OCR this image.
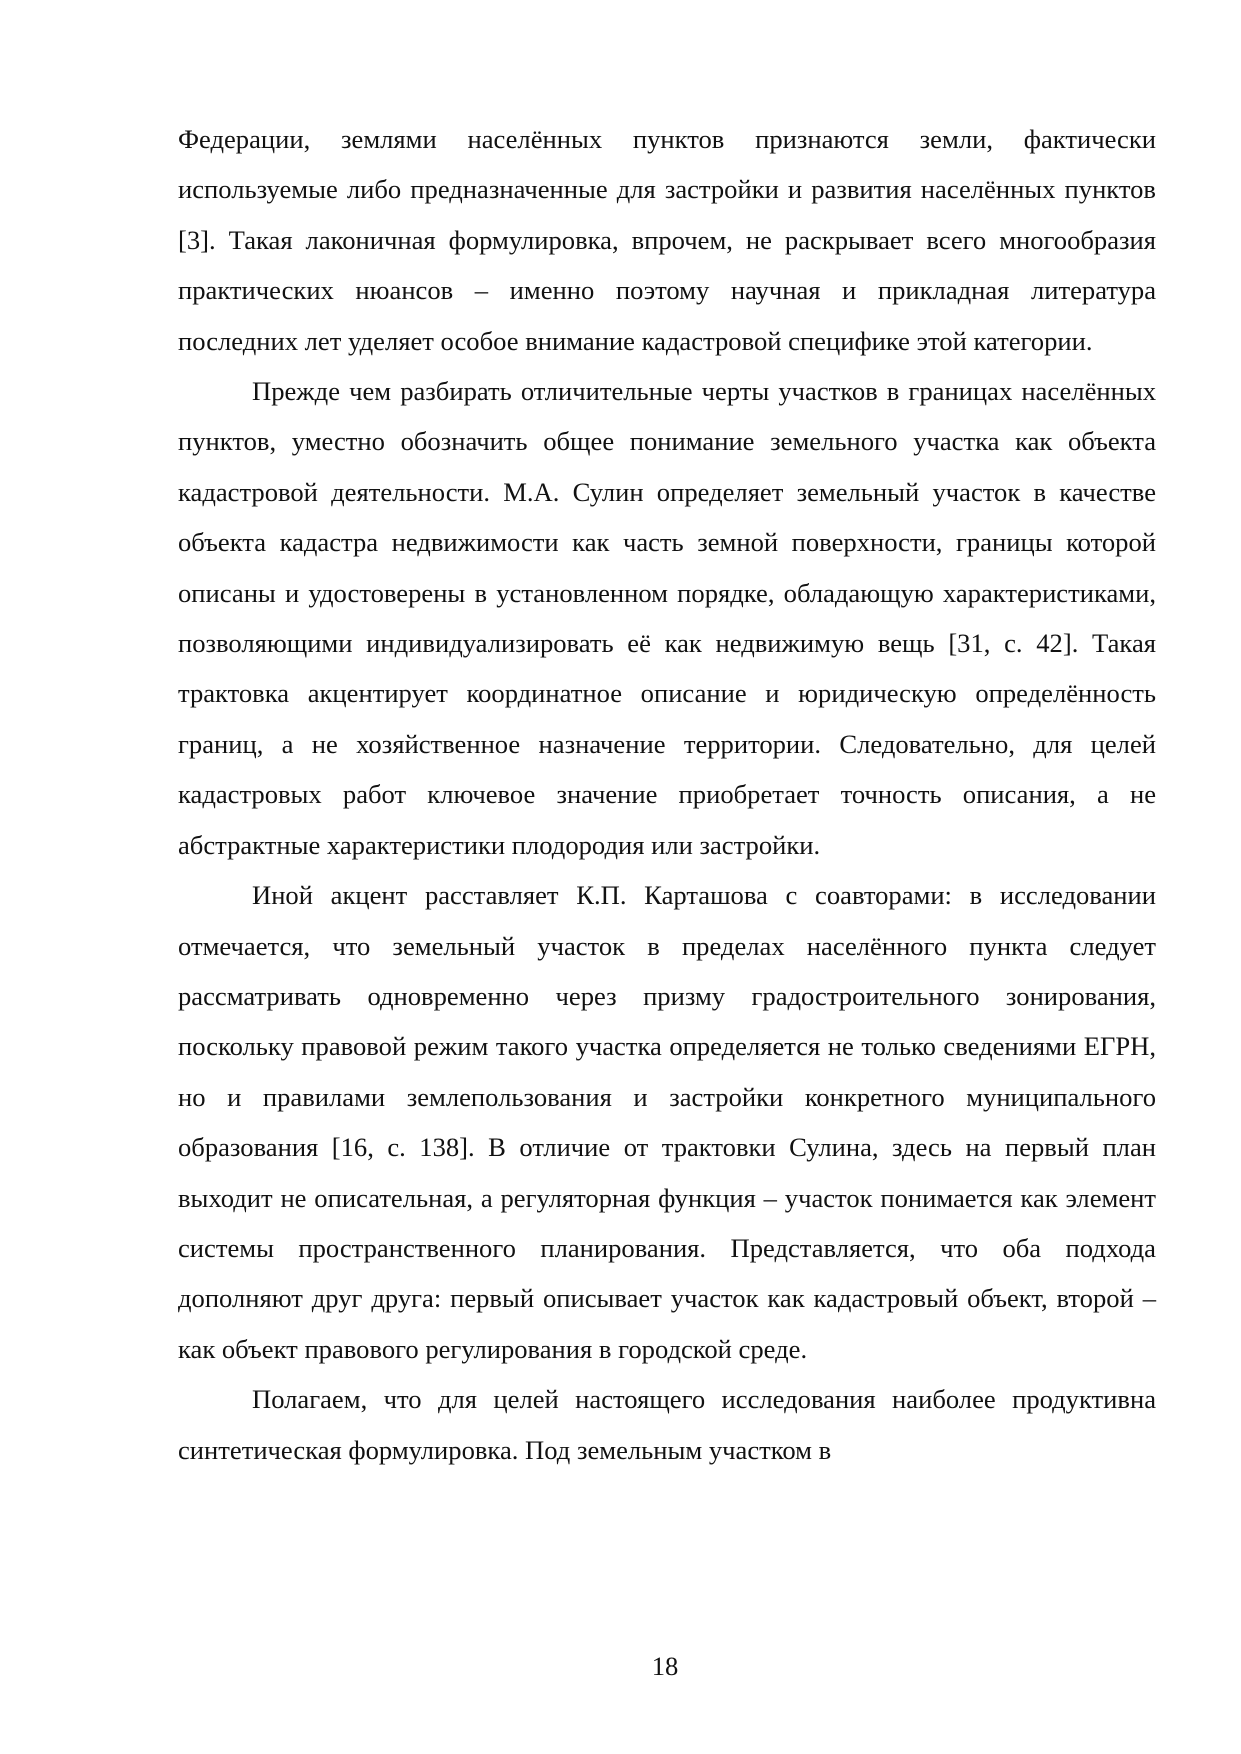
Федерации, землями населённых пунктов признаются земли, фактически используемые либо предназначенные для застройки и развития населённых пунктов [3]. Такая лаконичная формулировка, впрочем, не раскрывает всего многообразия практических нюансов – именно поэтому научная и прикладная литература последних лет уделяет особое внимание кадастровой специфике этой категории.

Прежде чем разбирать отличительные черты участков в границах населённых пунктов, уместно обозначить общее понимание земельного участка как объекта кадастровой деятельности. М.А. Сулин определяет земельный участок в качестве объекта кадастра недвижимости как часть земной поверхности, границы которой описаны и удостоверены в установленном порядке, обладающую характеристиками, позволяющими индивидуализировать её как недвижимую вещь [31, с. 42]. Такая трактовка акцентирует координатное описание и юридическую определённость границ, а не хозяйственное назначение территории. Следовательно, для целей кадастровых работ ключевое значение приобретает точность описания, а не абстрактные характеристики плодородия или застройки.

Иной акцент расставляет К.П. Карташова с соавторами: в исследовании отмечается, что земельный участок в пределах населённого пункта следует рассматривать одновременно через призму градостроительного зонирования, поскольку правовой режим такого участка определяется не только сведениями ЕГРН, но и правилами землепользования и застройки конкретного муниципального образования [16, с. 138]. В отличие от трактовки Сулина, здесь на первый план выходит не описательная, а регуляторная функция – участок понимается как элемент системы пространственного планирования. Представляется, что оба подхода дополняют друг друга: первый описывает участок как кадастровый объект, второй – как объект правового регулирования в городской среде.

Полагаем, что для целей настоящего исследования наиболее продуктивна синтетическая формулировка. Под земельным участком в

18
